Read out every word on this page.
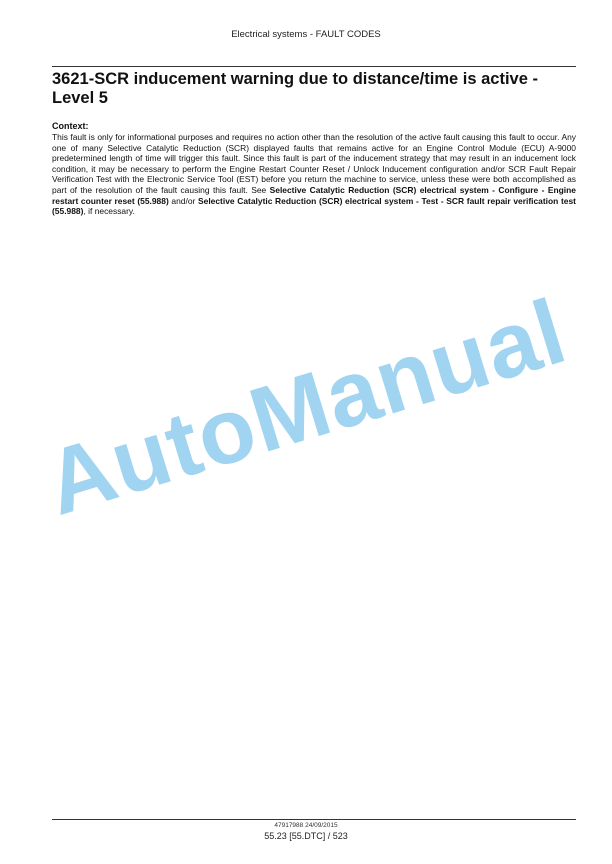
Electrical systems - FAULT CODES
3621-SCR inducement warning due to distance/time is active - Level 5

Context:

This fault is only for informational purposes and requires no action other than the resolution of the active fault causing this fault to occur. Any one of many Selective Catalytic Reduction (SCR) displayed faults that remains active for an Engine Control Module (ECU) A-9000 predetermined length of time will trigger this fault. Since this fault is part of the inducement strategy that may result in an inducement lock condition, it may be necessary to perform the Engine Restart Counter Reset / Unlock Inducement configuration and/or SCR Fault Repair Verification Test with the Electronic Service Tool (EST) before you return the machine to service, unless these were both accomplished as part of the resolution of the fault causing this fault. See Selective Catalytic Reduction (SCR) electrical system - Configure - Engine restart counter reset (55.988) and/or Selective Catalytic Reduction (SCR) electrical system - Test - SCR fault repair verification test (55.988), if necessary.

AutoManual
47917988 24/09/2015
55.23 [55.DTC] / 523
